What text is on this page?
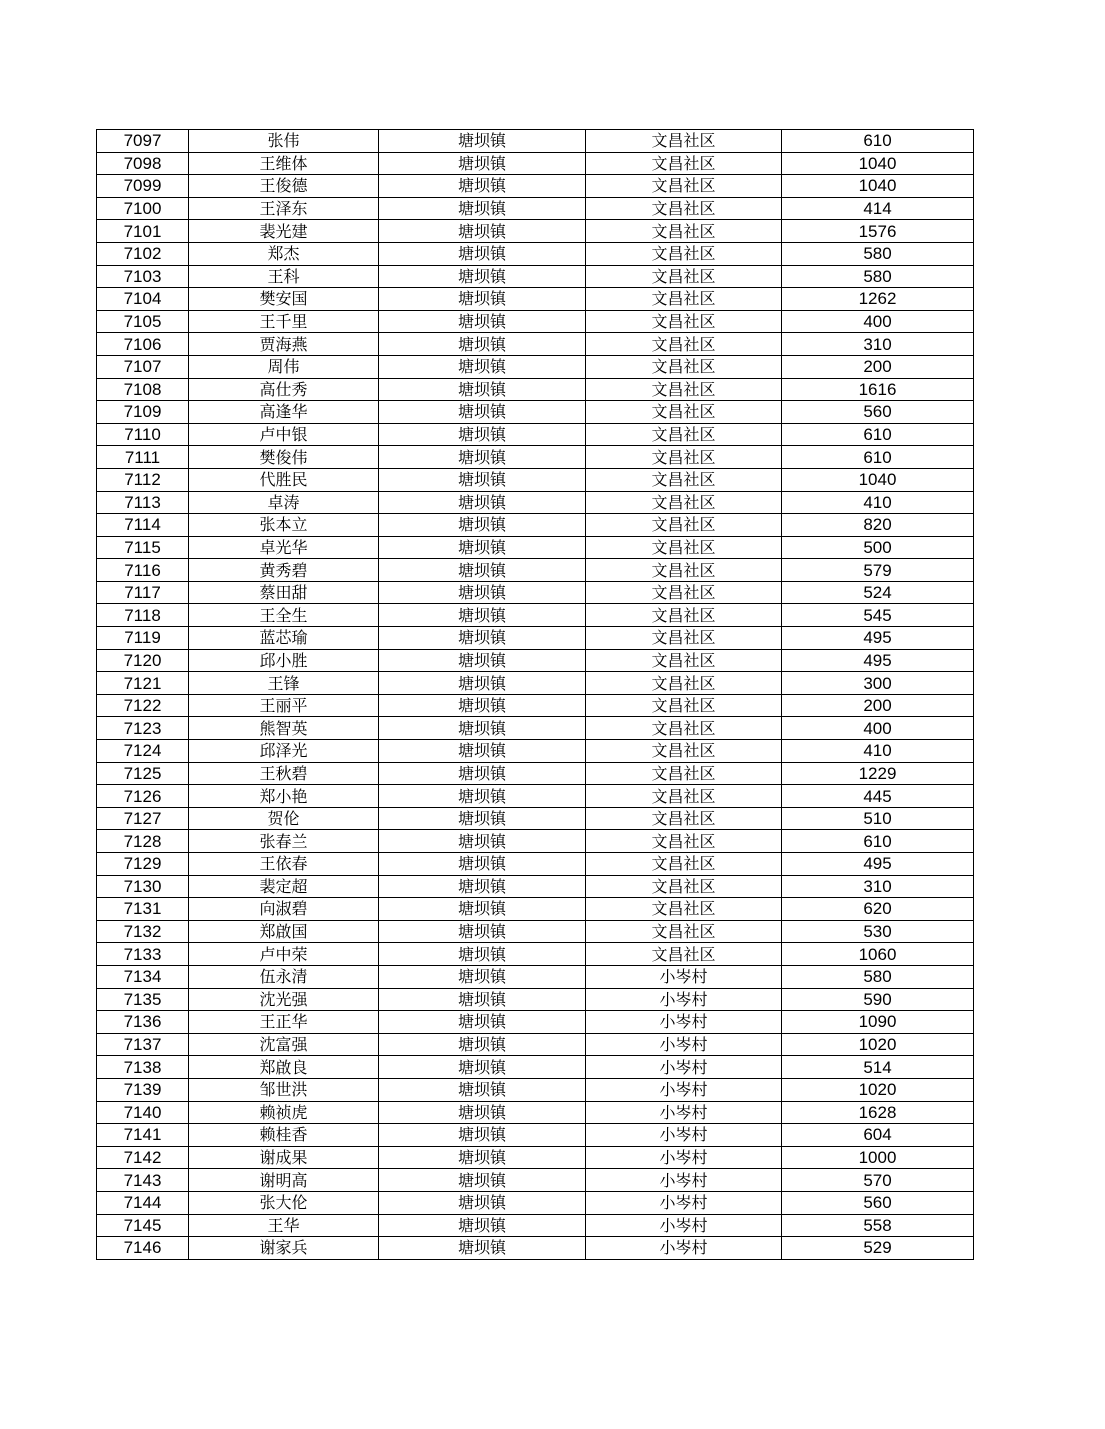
7097	张伟	塘坝镇	文昌社区	610
7098	王维体	塘坝镇	文昌社区	1040
7099	王俊德	塘坝镇	文昌社区	1040
7100	王泽东	塘坝镇	文昌社区	414
7101	裴光建	塘坝镇	文昌社区	1576
7102	郑杰	塘坝镇	文昌社区	580
7103	王科	塘坝镇	文昌社区	580
7104	樊安国	塘坝镇	文昌社区	1262
7105	王千里	塘坝镇	文昌社区	400
7106	贾海燕	塘坝镇	文昌社区	310
7107	周伟	塘坝镇	文昌社区	200
7108	高仕秀	塘坝镇	文昌社区	1616
7109	高逢华	塘坝镇	文昌社区	560
7110	卢中银	塘坝镇	文昌社区	610
7111	樊俊伟	塘坝镇	文昌社区	610
7112	代胜民	塘坝镇	文昌社区	1040
7113	卓涛	塘坝镇	文昌社区	410
7114	张本立	塘坝镇	文昌社区	820
7115	卓光华	塘坝镇	文昌社区	500
7116	黄秀碧	塘坝镇	文昌社区	579
7117	蔡田甜	塘坝镇	文昌社区	524
7118	王全生	塘坝镇	文昌社区	545
7119	蓝芯瑜	塘坝镇	文昌社区	495
7120	邱小胜	塘坝镇	文昌社区	495
7121	王锋	塘坝镇	文昌社区	300
7122	王丽平	塘坝镇	文昌社区	200
7123	熊智英	塘坝镇	文昌社区	400
7124	邱泽光	塘坝镇	文昌社区	410
7125	王秋碧	塘坝镇	文昌社区	1229
7126	郑小艳	塘坝镇	文昌社区	445
7127	贺伦	塘坝镇	文昌社区	510
7128	张春兰	塘坝镇	文昌社区	610
7129	王依春	塘坝镇	文昌社区	495
7130	裴定超	塘坝镇	文昌社区	310
7131	向淑碧	塘坝镇	文昌社区	620
7132	郑啟国	塘坝镇	文昌社区	530
7133	卢中荣	塘坝镇	文昌社区	1060
7134	伍永清	塘坝镇	小岑村	580
7135	沈光强	塘坝镇	小岑村	590
7136	王正华	塘坝镇	小岑村	1090
7137	沈富强	塘坝镇	小岑村	1020
7138	郑啟良	塘坝镇	小岑村	514
7139	邹世洪	塘坝镇	小岑村	1020
7140	赖祯虎	塘坝镇	小岑村	1628
7141	赖桂香	塘坝镇	小岑村	604
7142	谢成果	塘坝镇	小岑村	1000
7143	谢明高	塘坝镇	小岑村	570
7144	张大伦	塘坝镇	小岑村	560
7145	王华	塘坝镇	小岑村	558
7146	谢家兵	塘坝镇	小岑村	529
